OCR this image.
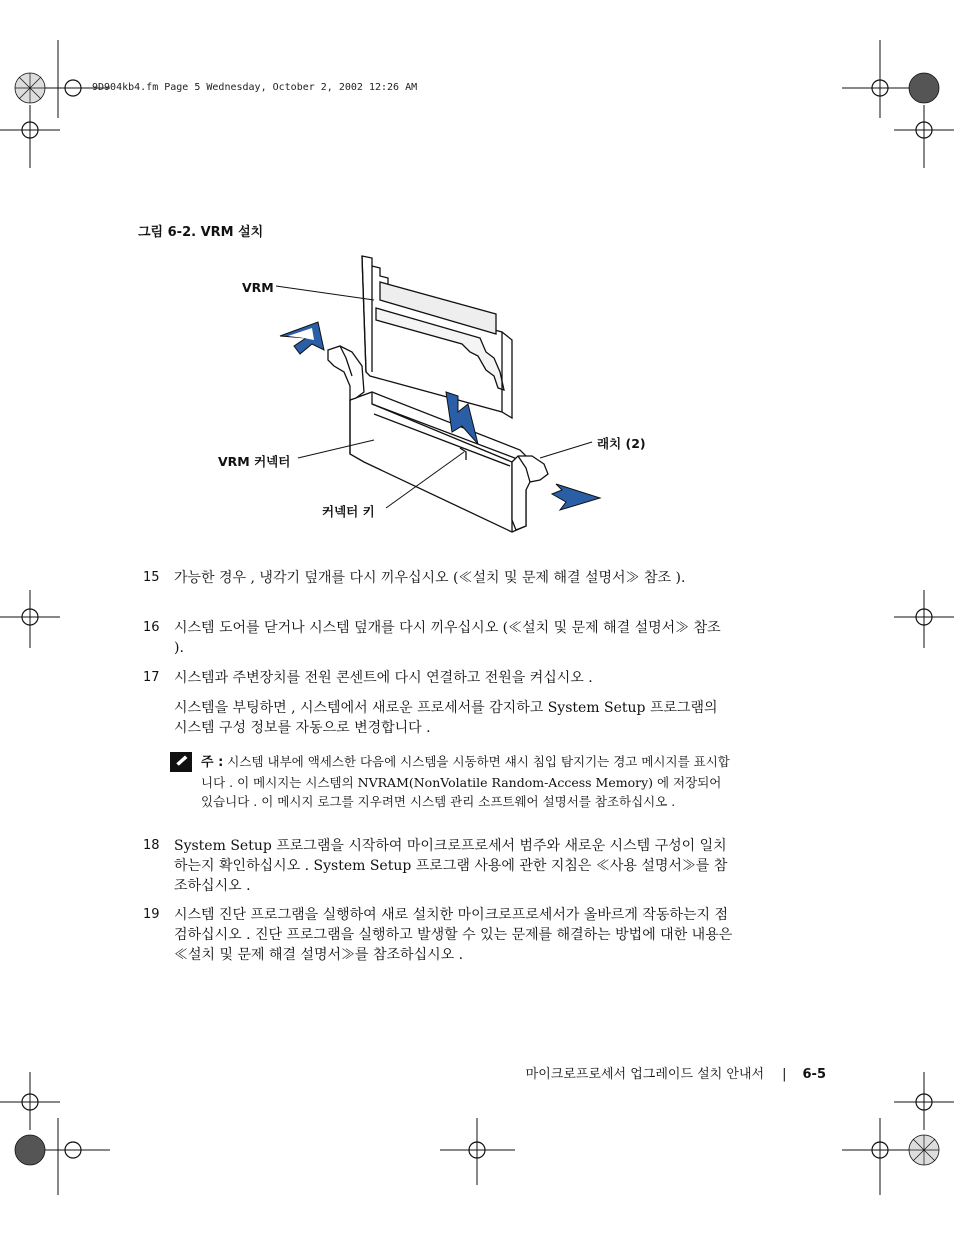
9D904kb4.fm Page 5 Wednesday, October 2, 2002 12:26 AM
그림 6-2. VRM 설치
VRM
래치 (2)
VRM 커넥터
커넥터 키
15 가능한 경우 , 냉각기 덮개를 다시 끼우십시오 (≪설치 및 문제 해결 설명서≫ 참조 ).
16 시스템 도어를 닫거나 시스템 덮개를 다시 끼우십시오 (≪설치 및 문제 해결 설명서≫ 참조 ).
17 시스템과 주변장치를 전원 콘센트에 다시 연결하고 전원을 켜십시오 .
시스템을 부팅하면 , 시스템에서 새로운 프로세서를 감지하고 System Setup 프로그램의 시스템 구성 정보를 자동으로 변경합니다 .
주 : 시스템 내부에 액세스한 다음에 시스템을 시동하면 섀시 침입 탐지기는 경고 메시지를 표시합니다 . 이 메시지는 시스템의 NVRAM(NonVolatile Random-Access Memory) 에 저장되어 있습니다 . 이 메시지 로그를 지우려면 시스템 관리 소프트웨어 설명서를 참조하십시오 .
18 System Setup 프로그램을 시작하여 마이크로프로세서 범주와 새로운 시스템 구성이 일치하는지 확인하십시오 . System Setup 프로그램 사용에 관한 지침은 ≪사용 설명서≫를 참조하십시오 .
19 시스템 진단 프로그램을 실행하여 새로 설치한 마이크로프로세서가 올바르게 작동하는지 점검하십시오 . 진단 프로그램을 실행하고 발생할 수 있는 문제를 해결하는 방법에 대한 내용은 ≪설치 및 문제 해결 설명서≫를 참조하십시오 .
마이크로프로세서 업그레이드 설치 안내서 | 6-5
